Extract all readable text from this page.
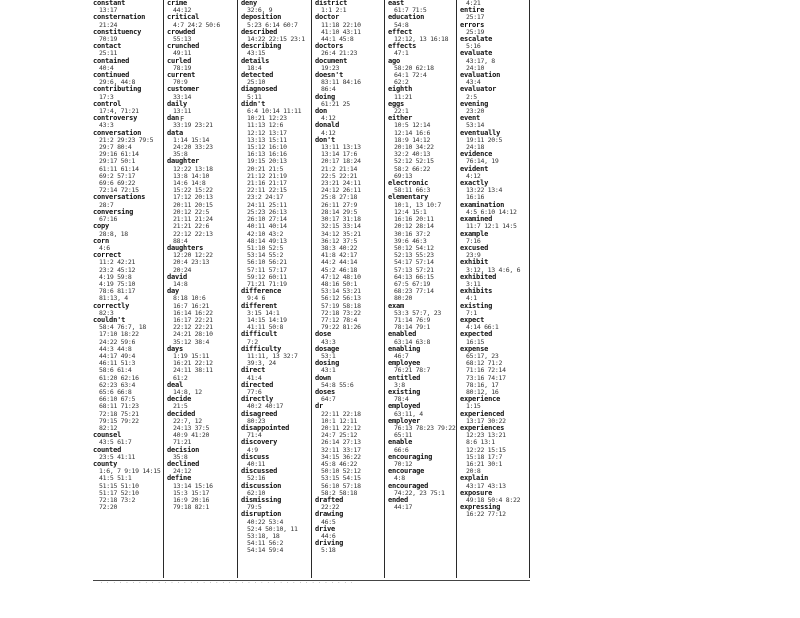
constant
13:17
consternation
21:24
constituency
70:19
contact
25:11
contained
40:4
continued
29:6, 44:8
contributing
17:3
control
17:4, 71:21
controversy
43:3
conversation
21:2 29:23 79:5
29:7 80:4
29:16 61:14
29:17 50:1
61:11 61:14
69:2 57:17
69:6 69:22
72:14 72:15
conversations
28:7
conversing
67:16
copy
28:8, 18
corn
4:6
correct
11:2 42:21
23:2 45:12
4:19 59:8
4:19 75:10
78:6 81:17
81:13, 4
correctly
82:3
couldn't
58:4 76:7, 18
17:10 18:22
24:22 59:6
44:3 44:8
44:17 49:4
46:11 51:3
58:6 61:4
61:20 62:16
62:23 63:4
65:6 66:8
66:10 67:5
68:11 71:23
72:18 75:21
79:15 79:22
82:12
counsel
43:5 61:7
counted
23:5 41:11
county
1:6, 7 9:19 14:15
41:5 51:1
51:15 51:10
51:17 52:10
72:18 73:2
72:20
crime
44:12
critical
4:7 24:2 50:6
crowded
55:13
crunched
49:11
curled
78:19
current
70:9
customer
33:14
daily
13:11
dan
33:19 23:21
data
1:14 15:14
24:20 33:23
35:8
daughter
12:22 13:18
13:8 14:10
14:6 14:8
15:22 15:22
17:12 20:13
20:11 20:15
20:12 22:5
21:11 21:24
21:21 22:6
22:12 22:13
88:4
daughters
12:20 12:22
20:4 23:13
20:24
david
14:8
day
8:18 10:6
16:7 16:21
16:14 16:22
16:17 22:21
22:12 22:21
24:21 28:10
35:12 38:4
days
1:19 15:11
16:21 22:12
24:11 38:11
61:2
deal
14:8, 12
decide
21:5
decided
22:7, 12
24:13 37:5
40:9 41:20
71:21
decision
35:8
declined
24:12
define
13:14 15:16
15:3 15:17
16:9 20:16
79:18 82:1
deny
32:6, 9
deposition
5:23 6:14 60:7
described
14:22 22:15 23:1
describing
43:15
details
18:4
detected
25:10
diagnosed
5:11
didn't
6:4 10:14 11:11
10:21 12:23
11:13 12:6
12:12 13:17
13:13 15:11
15:12 16:10
16:13 16:16
19:15 20:13
20:21 21:5
21:12 21:19
21:16 21:17
22:11 22:15
23:2 24:17
24:11 25:11
25:23 26:13
26:10 27:14
40:11 40:14
42:10 43:2
48:14 49:13
51:10 52:5
53:14 55:2
56:10 56:21
57:11 57:17
59:12 60:11
71:21 71:19
difference
9:4 6
different
3:15 14:1
14:15 14:19
41:11 50:8
difficult
7:2
difficulty
11:11, 13 32:7
39:3, 24
direct
41:4
directed
77:6
directly
40:2 40:17
disagreed
80:23
disappointed
71:4
discovery
4:9
discuss
40:11
discussed
52:16
discussion
62:10
dismissing
79:5
disruption
40:22 53:4
52:4 50:10, 11
53:18, 18
54:11 56:2
54:14 59:4
district
1:1 2:1
doctor
11:18 22:10
41:10 43:11
44:1 45:8
doctors
26:4 21:23
document
19:23
doesn't
83:11 84:16
86:4
doing
61:21 25
don
4:12
donald
4:12
don't
13:11 13:13
13:14 17:6
20:17 18:24
21:2 21:14
22:5 22:21
23:21 24:11
24:12 26:11
25:8 27:18
26:11 27:9
28:14 29:5
30:17 31:18
32:15 33:14
34:12 35:21
36:12 37:5
38:3 40:22
41:8 42:17
44:2 44:14
45:2 46:18
47:12 48:10
48:16 50:1
53:14 53:21
56:12 56:13
57:19 58:18
72:18 73:22
77:12 78:4
79:22 81:26
dose
43:3
dosage
53:1
dosing
43:1
down
54:8 55:6
doses
64:7
dr
22:11 22:18
10:1 12:11
20:11 22:12
24:7 25:12
26:14 27:13
32:11 33:17
34:15 36:22
45:8 46:22
50:10 52:12
53:15 54:15
56:10 57:18
58:2 58:18
drafted
22:22
drawing
46:5
drive
44:6
driving
5:18
east
61:7 71:5
education
54:8
effect
12:12, 13 16:18
effects
47:1
ago
58:20 62:18
64:1 72:4
62:2
eighth
11:21
eggs
22:1
either
10:5 12:14
12:14 16:6
18:9 14:12
20:10 34:22
32:2 40:13
52:12 52:15
58:2 66:22
69:13
electronic
58:11 66:3
elementary
10:1, 13 10:7
12:4 15:1
16:16 20:11
20:12 28:14
30:16 37:2
39:6 46:3
50:12 54:12
52:13 55:23
54:17 57:14
57:13 57:21
64:13 66:15
67:5 67:19
68:23 77:14
80:20
exam
53:3 57:7, 23
71:14 76:9
78:14 79:1
enabled
63:14 63:8
enabling
46:7
employee
76:21 78:7
entitled
3:8
existing
78:4
employed
63:11, 4
employer
76:13 78:23 79:22
65:11
enable
66:6
encouraging
70:12
encourage
4:8
encouraged
74:22, 23 75:1
ended
44:17
4:21
entire
25:17
errors
25:19
escalate
5:16
evaluate
43:17, 8
24:10
evaluation
43:4
evaluator
2:5
evening
23:20
event
53:14
eventually
19:11 20:5
24:18
evidence
76:14, 19
evident
4:12
exactly
13:22 13:4
16:16
examination
4:5 6:10 14:12
examined
11:7 12:1 14:5
example
7:16
excused
23:9
exhibit
3:12, 13 4:6, 6
exhibited
3:11
exhibits
4:1
existing
7:1
expect
4:14 66:1
expected
16:15
expense
65:17, 23
68:12 71:2
71:16 72:14
73:16 74:17
78:16, 17
80:12, 16
experience
1:15
experienced
13:17 30:22
experiences
12:23 13:21
8:6 13:1
12:22 15:15
15:18 17:7
16:21 30:1
20:8
explain
43:17 43:13
exposure
49:18 50:4 8:22
expressing
16:22 77:12
F
· · · · · · · · · · · · · · · · · · · · · · · · · · · · · · · · · · · · · · · ·
